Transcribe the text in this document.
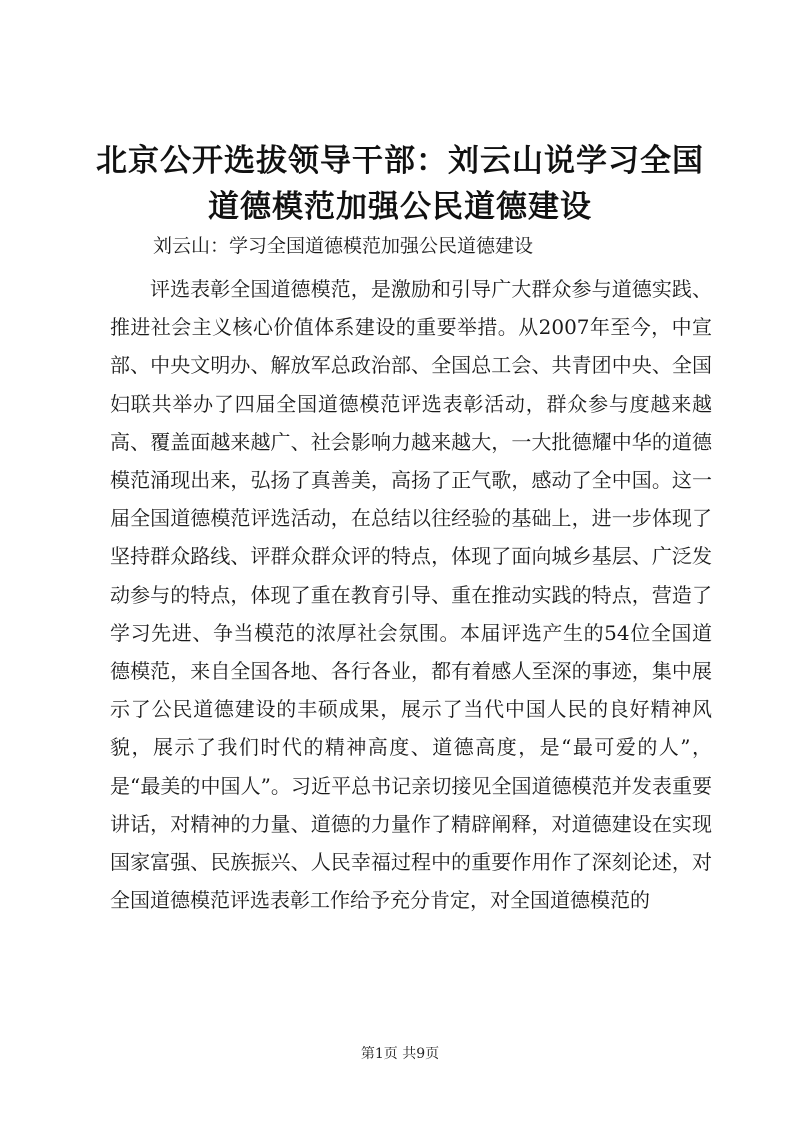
北京公开选拔领导干部：刘云山说学习全国道德模范加强公民道德建设

刘云山：学习全国道德模范加强公民道德建设

评选表彰全国道德模范，是激励和引导广大群众参与道德实践、推进社会主义核心价值体系建设的重要举措。从2007年至今，中宣部、中央文明办、解放军总政治部、全国总工会、共青团中央、全国妇联共举办了四届全国道德模范评选表彰活动，群众参与度越来越高、覆盖面越来越广、社会影响力越来越大，一大批德耀中华的道德模范涌现出来，弘扬了真善美，高扬了正气歌，感动了全中国。这一届全国道德模范评选活动，在总结以往经验的基础上，进一步体现了坚持群众路线、评群众群众评的特点，体现了面向城乡基层、广泛发动参与的特点，体现了重在教育引导、重在推动实践的特点，营造了学习先进、争当模范的浓厚社会氛围。本届评选产生的54位全国道德模范，来自全国各地、各行各业，都有着感人至深的事迹，集中展示了公民道德建设的丰硕成果，展示了当代中国人民的良好精神风貌，展示了我们时代的精神高度、道德高度，是“最可爱的人”，是“最美的中国人”。习近平总书记亲切接见全国道德模范并发表重要讲话，对精神的力量、道德的力量作了精辟阐释，对道德建设在实现国家富强、民族振兴、人民幸福过程中的重要作用作了深刻论述，对全国道德模范评选表彰工作给予充分肯定，对全国道德模范的

第1页 共9页
